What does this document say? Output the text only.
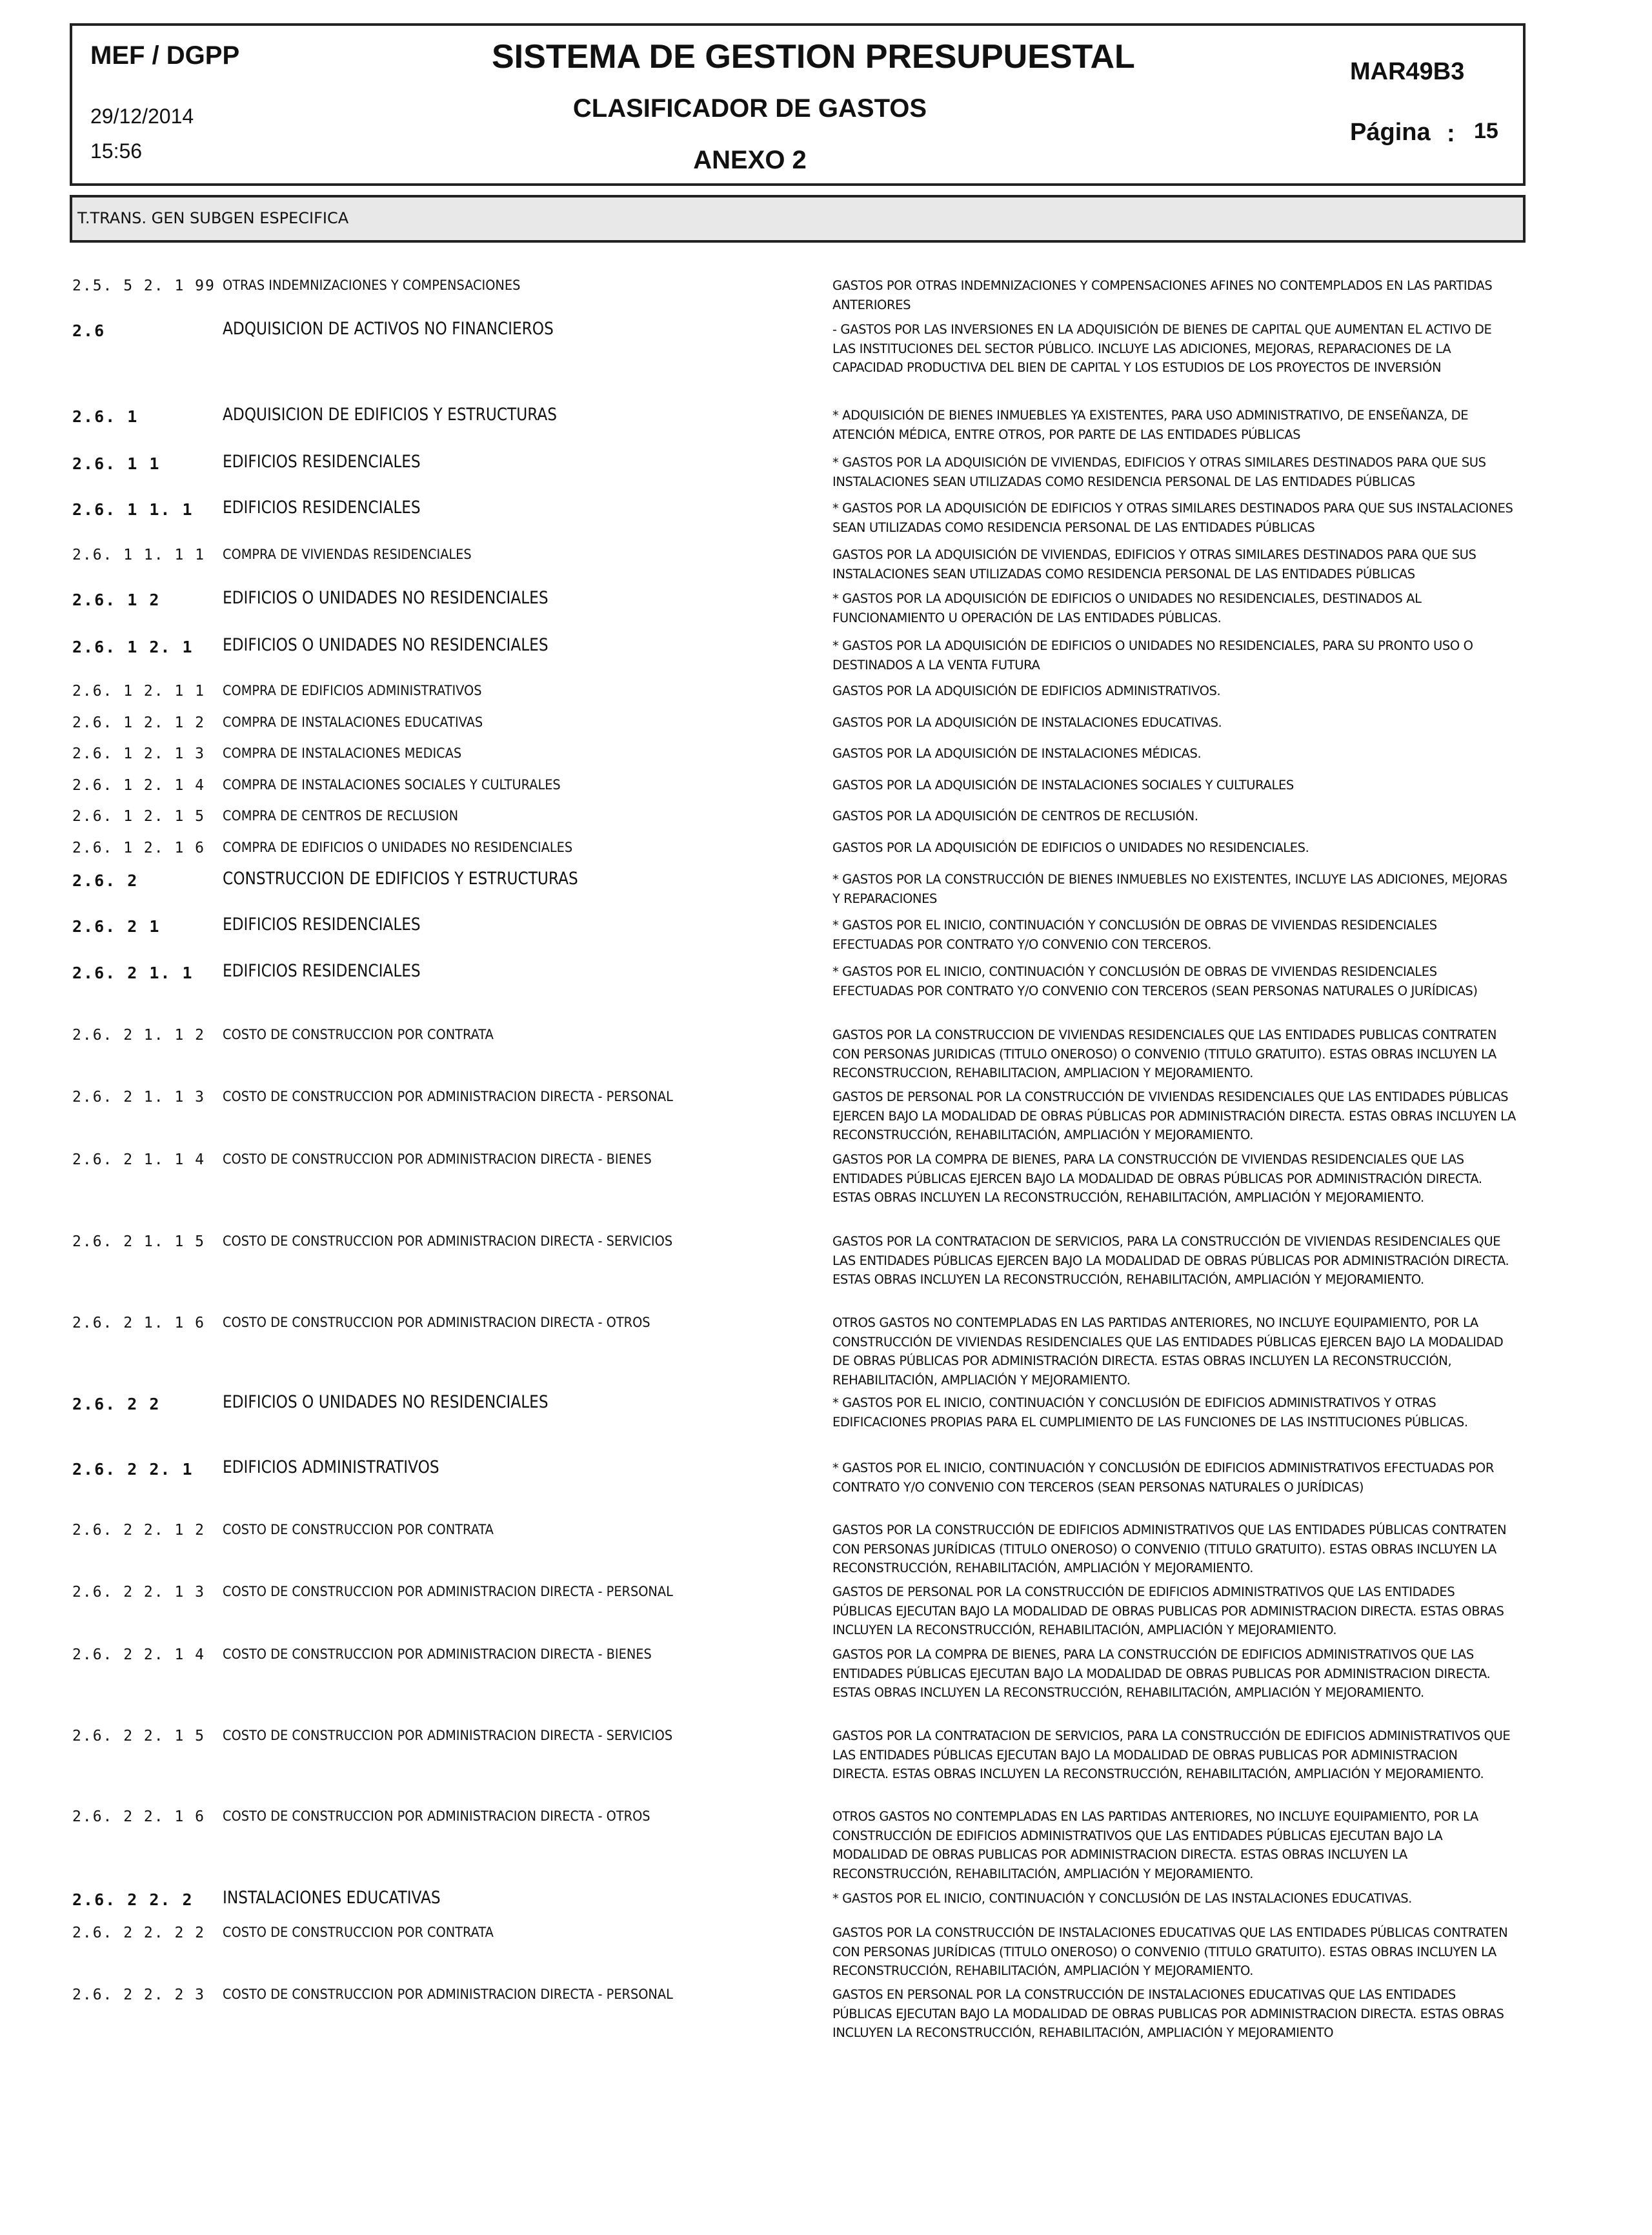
MEF / DGPP
29/12/2014
15:56
SISTEMA DE GESTION PRESUPUESTAL
CLASIFICADOR DE GASTOS
ANEXO 2
MAR49B3
Página : 15
T.TRANS. GEN SUBGEN ESPECIFICA
2.5. 5 2. 1 99 OTRAS INDEMNIZACIONES Y COMPENSACIONES	GASTOS POR OTRAS INDEMNIZACIONES Y COMPENSACIONES AFINES NO CONTEMPLADOS EN LAS PARTIDAS ANTERIORES
2.6	ADQUISICION DE ACTIVOS NO FINANCIEROS	- GASTOS POR LAS INVERSIONES EN LA ADQUISICIÓN DE BIENES DE CAPITAL QUE AUMENTAN EL ACTIVO DE LAS INSTITUCIONES DEL SECTOR PÚBLICO. INCLUYE LAS ADICIONES, MEJORAS, REPARACIONES DE LA CAPACIDAD PRODUCTIVA DEL BIEN DE CAPITAL Y LOS ESTUDIOS DE LOS PROYECTOS DE INVERSIÓN
2.6. 1	ADQUISICION DE EDIFICIOS Y ESTRUCTURAS	* ADQUISICIÓN DE BIENES INMUEBLES YA EXISTENTES, PARA USO ADMINISTRATIVO, DE ENSEÑANZA, DE ATENCIÓN MÉDICA, ENTRE OTROS, POR PARTE DE LAS ENTIDADES PÚBLICAS
2.6. 1 1	EDIFICIOS RESIDENCIALES	* GASTOS POR LA ADQUISICIÓN DE VIVIENDAS, EDIFICIOS Y OTRAS SIMILARES DESTINADOS PARA QUE SUS INSTALACIONES SEAN UTILIZADAS COMO RESIDENCIA PERSONAL DE LAS ENTIDADES PÚBLICAS
2.6. 1 1. 1 EDIFICIOS RESIDENCIALES	* GASTOS POR LA ADQUISICIÓN DE EDIFICIOS Y OTRAS SIMILARES DESTINADOS PARA QUE SUS INSTALACIONES SEAN UTILIZADAS COMO RESIDENCIA PERSONAL DE LAS ENTIDADES PÚBLICAS
2.6. 1 1. 1 1 COMPRA DE VIVIENDAS RESIDENCIALES	GASTOS POR LA ADQUISICIÓN DE VIVIENDAS, EDIFICIOS Y OTRAS SIMILARES DESTINADOS PARA QUE SUS INSTALACIONES SEAN UTILIZADAS COMO RESIDENCIA PERSONAL DE LAS ENTIDADES PÚBLICAS
2.6. 1 2	EDIFICIOS O UNIDADES NO RESIDENCIALES	* GASTOS POR LA ADQUISICIÓN DE EDIFICIOS O UNIDADES NO RESIDENCIALES, DESTINADOS AL FUNCIONAMIENTO U OPERACIÓN DE LAS ENTIDADES PÚBLICAS.
2.6. 1 2. 1 EDIFICIOS O UNIDADES NO RESIDENCIALES	* GASTOS POR LA ADQUISICIÓN DE EDIFICIOS O UNIDADES NO RESIDENCIALES, PARA SU PRONTO USO O DESTINADOS A LA VENTA FUTURA
2.6. 1 2. 1 1 COMPRA DE EDIFICIOS ADMINISTRATIVOS	GASTOS POR LA ADQUISICIÓN DE EDIFICIOS ADMINISTRATIVOS.
2.6. 1 2. 1 2 COMPRA DE INSTALACIONES EDUCATIVAS	GASTOS POR LA ADQUISICIÓN DE INSTALACIONES EDUCATIVAS.
2.6. 1 2. 1 3 COMPRA DE INSTALACIONES MEDICAS	GASTOS POR LA ADQUISICIÓN DE INSTALACIONES MÉDICAS.
2.6. 1 2. 1 4 COMPRA DE INSTALACIONES SOCIALES Y CULTURALES	GASTOS POR LA ADQUISICIÓN DE INSTALACIONES SOCIALES Y CULTURALES
2.6. 1 2. 1 5 COMPRA DE CENTROS DE RECLUSION	GASTOS POR LA ADQUISICIÓN DE CENTROS DE RECLUSIÓN.
2.6. 1 2. 1 6 COMPRA DE EDIFICIOS O UNIDADES NO RESIDENCIALES	GASTOS POR LA ADQUISICIÓN DE EDIFICIOS O UNIDADES NO RESIDENCIALES.
2.6. 2	CONSTRUCCION DE EDIFICIOS Y ESTRUCTURAS	* GASTOS POR LA CONSTRUCCIÓN DE BIENES INMUEBLES NO EXISTENTES, INCLUYE LAS ADICIONES, MEJORAS Y REPARACIONES
2.6. 2 1	EDIFICIOS RESIDENCIALES	* GASTOS POR EL INICIO, CONTINUACIÓN Y CONCLUSIÓN DE OBRAS DE VIVIENDAS RESIDENCIALES EFECTUADAS POR CONTRATO Y/O CONVENIO CON TERCEROS.
2.6. 2 1. 1 EDIFICIOS RESIDENCIALES	* GASTOS POR EL INICIO, CONTINUACIÓN Y CONCLUSIÓN DE OBRAS DE VIVIENDAS RESIDENCIALES EFECTUADAS POR CONTRATO Y/O CONVENIO CON TERCEROS (SEAN PERSONAS NATURALES O JURÍDICAS)
2.6. 2 1. 1 2 COSTO DE CONSTRUCCION POR CONTRATA	GASTOS POR LA CONSTRUCCION DE VIVIENDAS RESIDENCIALES QUE LAS ENTIDADES PUBLICAS CONTRATEN CON PERSONAS JURIDICAS (TITULO ONEROSO) O CONVENIO (TITULO GRATUITO). ESTAS OBRAS INCLUYEN LA RECONSTRUCCION, REHABILITACION, AMPLIACION Y MEJORAMIENTO.
2.6. 2 1. 1 3 COSTO DE CONSTRUCCION POR ADMINISTRACION DIRECTA - PERSONAL	GASTOS DE PERSONAL POR LA CONSTRUCCIÓN DE VIVIENDAS RESIDENCIALES QUE LAS ENTIDADES PÚBLICAS EJERCEN BAJO LA MODALIDAD DE OBRAS PÚBLICAS POR ADMINISTRACIÓN DIRECTA. ESTAS OBRAS INCLUYEN LA RECONSTRUCCIÓN, REHABILITACIÓN, AMPLIACIÓN Y MEJORAMIENTO.
2.6. 2 1. 1 4 COSTO DE CONSTRUCCION POR ADMINISTRACION DIRECTA - BIENES	GASTOS POR LA COMPRA DE BIENES, PARA LA CONSTRUCCIÓN DE VIVIENDAS RESIDENCIALES QUE LAS ENTIDADES PÚBLICAS EJERCEN BAJO LA MODALIDAD DE OBRAS PÚBLICAS POR ADMINISTRACIÓN DIRECTA. ESTAS OBRAS INCLUYEN LA RECONSTRUCCIÓN, REHABILITACIÓN, AMPLIACIÓN Y MEJORAMIENTO.
2.6. 2 1. 1 5 COSTO DE CONSTRUCCION POR ADMINISTRACION DIRECTA - SERVICIOS	GASTOS POR LA CONTRATACION DE SERVICIOS, PARA LA CONSTRUCCIÓN DE VIVIENDAS RESIDENCIALES QUE LAS ENTIDADES PÚBLICAS EJERCEN BAJO LA MODALIDAD DE OBRAS PÚBLICAS POR ADMINISTRACIÓN DIRECTA. ESTAS OBRAS INCLUYEN LA RECONSTRUCCIÓN, REHABILITACIÓN, AMPLIACIÓN Y MEJORAMIENTO.
2.6. 2 1. 1 6 COSTO DE CONSTRUCCION POR ADMINISTRACION DIRECTA - OTROS	OTROS GASTOS NO CONTEMPLADAS EN LAS PARTIDAS ANTERIORES, NO INCLUYE EQUIPAMIENTO, POR LA CONSTRUCCIÓN DE VIVIENDAS RESIDENCIALES QUE LAS ENTIDADES PÚBLICAS EJERCEN BAJO LA MODALIDAD DE OBRAS PÚBLICAS POR ADMINISTRACIÓN DIRECTA. ESTAS OBRAS INCLUYEN LA RECONSTRUCCIÓN, REHABILITACIÓN, AMPLIACIÓN Y MEJORAMIENTO.
2.6. 2 2	EDIFICIOS O UNIDADES NO RESIDENCIALES	* GASTOS POR EL INICIO, CONTINUACIÓN Y CONCLUSIÓN DE EDIFICIOS ADMINISTRATIVOS Y OTRAS EDIFICACIONES PROPIAS PARA EL CUMPLIMIENTO DE LAS FUNCIONES DE LAS INSTITUCIONES PÚBLICAS.
2.6. 2 2. 1 EDIFICIOS ADMINISTRATIVOS	* GASTOS POR EL INICIO, CONTINUACIÓN Y CONCLUSIÓN DE EDIFICIOS ADMINISTRATIVOS EFECTUADAS POR CONTRATO Y/O CONVENIO CON TERCEROS (SEAN PERSONAS NATURALES O JURÍDICAS)
2.6. 2 2. 1 2 COSTO DE CONSTRUCCION POR CONTRATA	GASTOS POR LA CONSTRUCCIÓN DE EDIFICIOS ADMINISTRATIVOS QUE LAS ENTIDADES PÚBLICAS CONTRATEN CON PERSONAS JURÍDICAS (TITULO ONEROSO) O CONVENIO (TITULO GRATUITO). ESTAS OBRAS INCLUYEN LA RECONSTRUCCIÓN, REHABILITACIÓN, AMPLIACIÓN Y MEJORAMIENTO.
2.6. 2 2. 1 3 COSTO DE CONSTRUCCION POR ADMINISTRACION DIRECTA - PERSONAL	GASTOS DE PERSONAL POR LA CONSTRUCCIÓN DE EDIFICIOS ADMINISTRATIVOS QUE LAS ENTIDADES PÚBLICAS EJECUTAN BAJO LA MODALIDAD DE OBRAS PUBLICAS POR ADMINISTRACION DIRECTA. ESTAS OBRAS INCLUYEN LA RECONSTRUCCIÓN, REHABILITACIÓN, AMPLIACIÓN Y MEJORAMIENTO.
2.6. 2 2. 1 4 COSTO DE CONSTRUCCION POR ADMINISTRACION DIRECTA - BIENES	GASTOS POR LA COMPRA DE BIENES, PARA LA CONSTRUCCIÓN DE EDIFICIOS ADMINISTRATIVOS QUE LAS ENTIDADES PÚBLICAS EJECUTAN BAJO LA MODALIDAD DE OBRAS PUBLICAS POR ADMINISTRACION DIRECTA. ESTAS OBRAS INCLUYEN LA RECONSTRUCCIÓN, REHABILITACIÓN, AMPLIACIÓN Y MEJORAMIENTO.
2.6. 2 2. 1 5 COSTO DE CONSTRUCCION POR ADMINISTRACION DIRECTA - SERVICIOS	GASTOS POR LA CONTRATACION DE SERVICIOS, PARA LA CONSTRUCCIÓN DE EDIFICIOS ADMINISTRATIVOS QUE LAS ENTIDADES PÚBLICAS EJECUTAN BAJO LA MODALIDAD DE OBRAS PUBLICAS POR ADMINISTRACION DIRECTA. ESTAS OBRAS INCLUYEN LA RECONSTRUCCIÓN, REHABILITACIÓN, AMPLIACIÓN Y MEJORAMIENTO.
2.6. 2 2. 1 6 COSTO DE CONSTRUCCION POR ADMINISTRACION DIRECTA - OTROS	OTROS GASTOS NO CONTEMPLADAS EN LAS PARTIDAS ANTERIORES, NO INCLUYE EQUIPAMIENTO, POR LA CONSTRUCCIÓN DE EDIFICIOS ADMINISTRATIVOS QUE LAS ENTIDADES PÚBLICAS EJECUTAN BAJO LA MODALIDAD DE OBRAS PUBLICAS POR ADMINISTRACION DIRECTA. ESTAS OBRAS INCLUYEN LA RECONSTRUCCIÓN, REHABILITACIÓN, AMPLIACIÓN Y MEJORAMIENTO.
2.6. 2 2. 2 INSTALACIONES EDUCATIVAS	* GASTOS POR EL INICIO, CONTINUACIÓN Y CONCLUSIÓN DE LAS INSTALACIONES EDUCATIVAS.
2.6. 2 2. 2 2 COSTO DE CONSTRUCCION POR CONTRATA	GASTOS POR LA CONSTRUCCIÓN DE INSTALACIONES EDUCATIVAS QUE LAS ENTIDADES PÚBLICAS CONTRATEN CON PERSONAS JURÍDICAS (TITULO ONEROSO) O CONVENIO (TITULO GRATUITO). ESTAS OBRAS INCLUYEN LA RECONSTRUCCIÓN, REHABILITACIÓN, AMPLIACIÓN Y MEJORAMIENTO.
2.6. 2 2. 2 3 COSTO DE CONSTRUCCION POR ADMINISTRACION DIRECTA - PERSONAL	GASTOS EN PERSONAL POR LA CONSTRUCCIÓN DE INSTALACIONES EDUCATIVAS QUE LAS ENTIDADES PÚBLICAS EJECUTAN BAJO LA MODALIDAD DE OBRAS PUBLICAS POR ADMINISTRACION DIRECTA. ESTAS OBRAS INCLUYEN LA RECONSTRUCCIÓN, REHABILITACIÓN, AMPLIACIÓN Y MEJORAMIENTO
